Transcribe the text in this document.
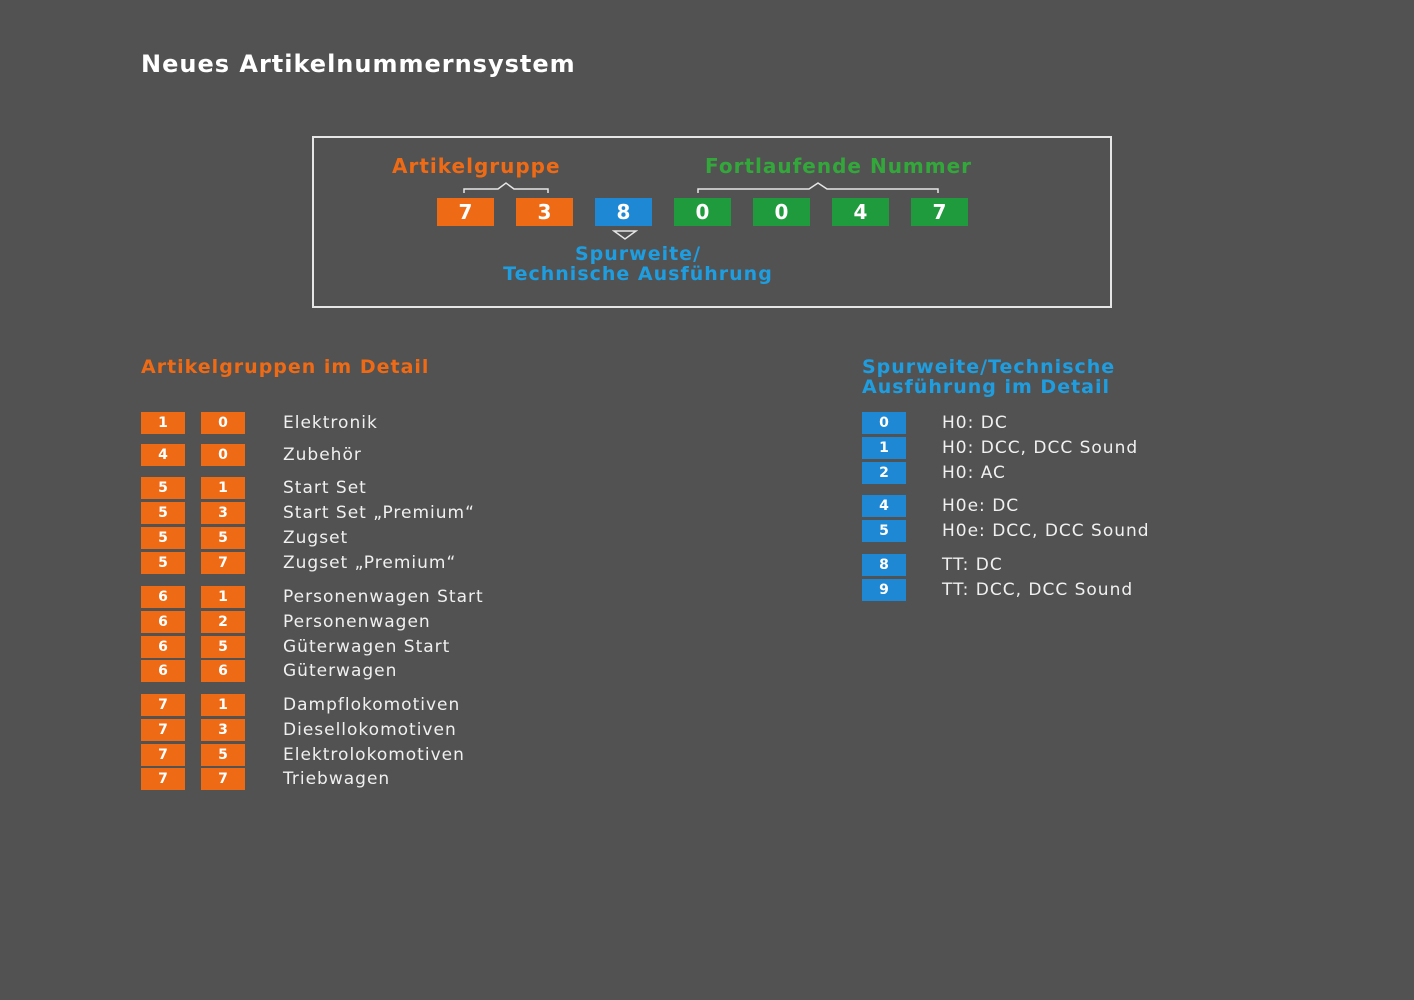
Neues Artikelnummernsystem
Artikelgruppe	Fortlaufende Nummer
7	3	8	0	0	4	7
Spurweite/
Technische Ausführung
Artikelgruppen im Detail	Spurweite/Technische
Ausführung im Detail
1	0	Elektronik
4	0	Zubehör
5	1	Start Set
5	3	Start Set „Premium“
5	5	Zugset
5	7	Zugset „Premium“
6	1	Personenwagen Start
6	2	Personenwagen
6	5	Güterwagen Start
6	6	Güterwagen
7	1	Dampflokomotiven
7	3	Diesellokomotiven
7	5	Elektrolokomotiven
7	7	Triebwagen
0	H0: DC
1	H0: DCC, DCC Sound
2	H0: AC
4	H0e: DC
5	H0e: DCC, DCC Sound
8	TT: DC
9	TT: DCC, DCC Sound
